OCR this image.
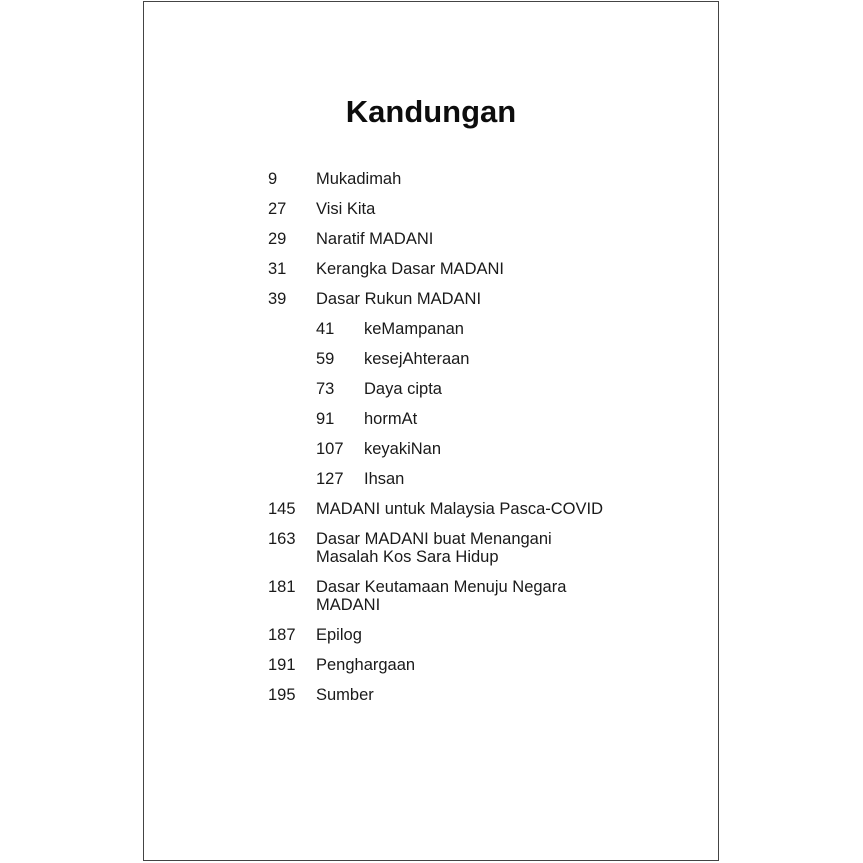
Kandungan
9	Mukadimah
27	Visi Kita
29	Naratif MADANI
31	Kerangka Dasar MADANI
39	Dasar Rukun MADANI
41	keMampanan
59	kesejAhteraan
73	Daya cipta
91	hormAt
107	keyakiNan
127	Ihsan
145	MADANI untuk Malaysia Pasca-COVID
163	Dasar MADANI buat Menangani
Masalah Kos Sara Hidup
181	Dasar Keutamaan Menuju Negara
MADANI
187	Epilog
191	Penghargaan
195	Sumber
